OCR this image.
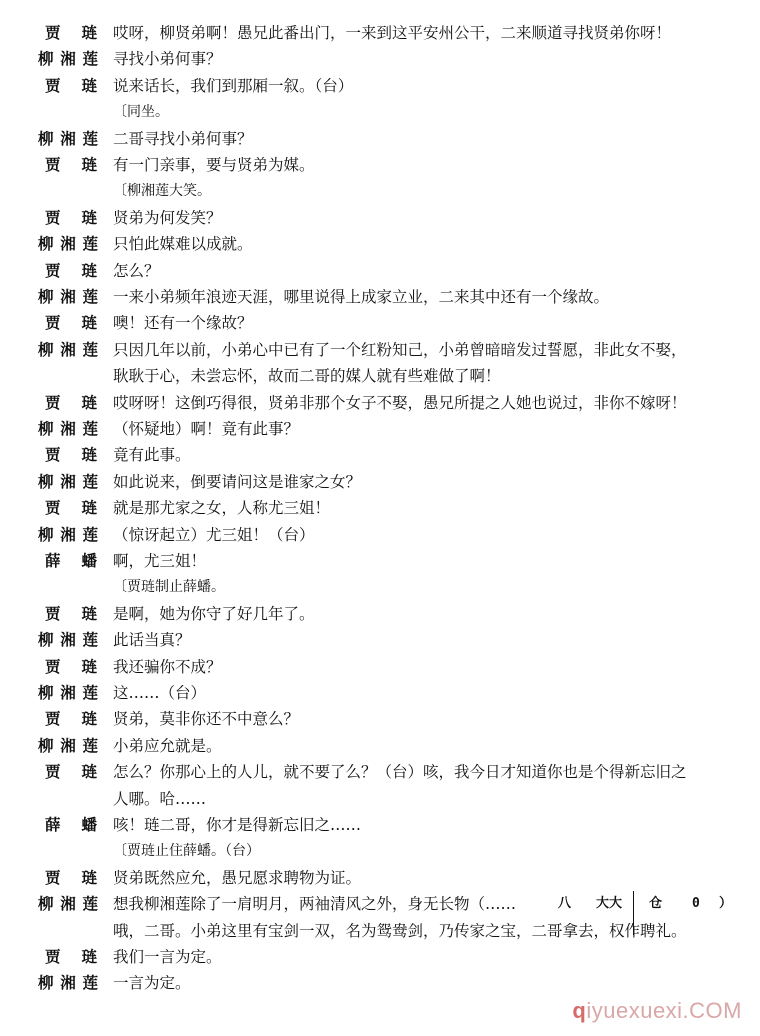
贾琏 哎呀，柳贤弟啊！愚兄此番出门，一来到这平安州公干，二来顺道寻找贤弟你呀！
柳湘莲 寻找小弟何事？
贾琏 说来话长，我们到那厢一叙。（台）
〔同坐。
柳湘莲 二哥寻找小弟何事？
贾琏 有一门亲事，要与贤弟为媒。
〔柳湘莲大笑。
贾琏 贤弟为何发笑？
柳湘莲 只怕此媒难以成就。
贾琏 怎么？
柳湘莲 一来小弟频年浪迹天涯，哪里说得上成家立业，二来其中还有一个缘故。
贾琏 噢！还有一个缘故？
柳湘莲 只因几年以前，小弟心中已有了一个红粉知己，小弟曾暗暗发过誓愿，非此女不娶，
耿耿于心，未尝忘怀，故而二哥的媒人就有些难做了啊！
贾琏 哎呀呀！这倒巧得很，贤弟非那个女子不娶，愚兄所提之人她也说过，非你不嫁呀！
柳湘莲 （怀疑地）啊！竟有此事？
贾琏 竟有此事。
柳湘莲 如此说来，倒要请问这是谁家之女？
贾琏 就是那尤家之女，人称尤三姐！
柳湘莲 （惊讶起立）尤三姐！（台）
薛蟠 啊，尤三姐！
〔贾琏制止薛蟠。
贾琏 是啊，她为你守了好几年了。
柳湘莲 此话当真？
贾琏 我还骗你不成？
柳湘莲 这……（台）
贾琏 贤弟，莫非你还不中意么？
柳湘莲 小弟应允就是。
贾琏 怎么？你那心上的人儿，就不要了么？（台）咳，我今日才知道你也是个得新忘旧之
人哪。哈……
薛蟠 咳！琏二哥，你才是得新忘旧之……
〔贾琏止住薛蟠。（台）
贾琏 贤弟既然应允，愚兄愿求聘物为证。
柳湘莲 想我柳湘莲除了一肩明月，两袖清风之外，身无长物（……	八 大大 仓 0 ）
哦，二哥。小弟这里有宝剑一双，名为鸳鸯剑，乃传家之宝，二哥拿去，权作聘礼。
贾琏 我们一言为定。
柳湘莲 一言为定。
qiyuexuexi.COM
